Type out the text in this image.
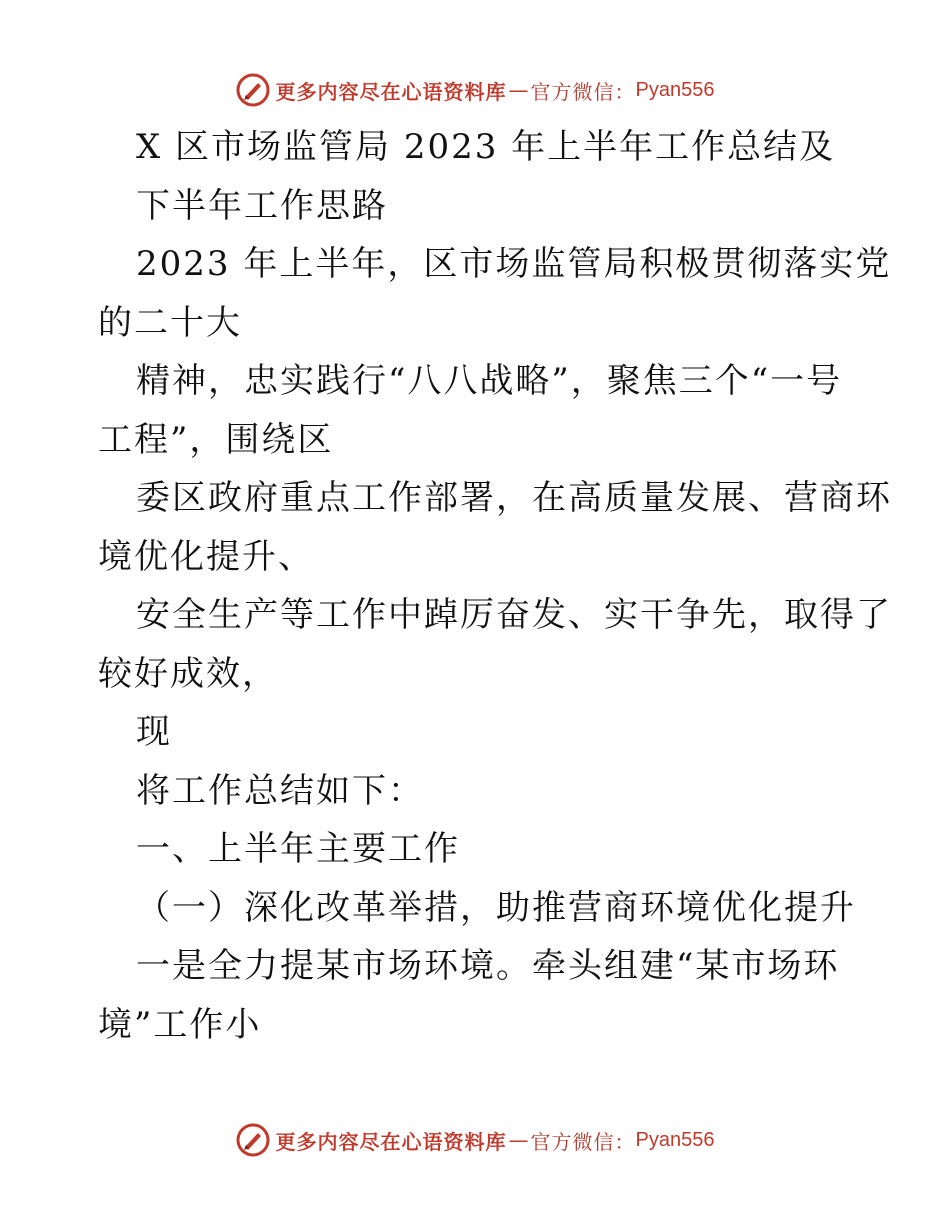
更多内容尽在心语资料库 — 官方微信： Pyan556
X 区市场监管局 2023 年上半年工作总结及
下半年工作思路
2023 年上半年，区市场监管局积极贯彻落实党
的二十大
精神，忠实践行“八八战略”，聚焦三个“一号
工程”，围绕区
委区政府重点工作部署，在高质量发展、营商环
境优化提升、
安全生产等工作中踔厉奋发、实干争先，取得了
较好成效，
现
将工作总结如下：
一、上半年主要工作
（一）深化改革举措，助推营商环境优化提升
一是全力提某市场环境。牵头组建“某市场环
境”工作小
更多内容尽在心语资料库 — 官方微信： Pyan556
